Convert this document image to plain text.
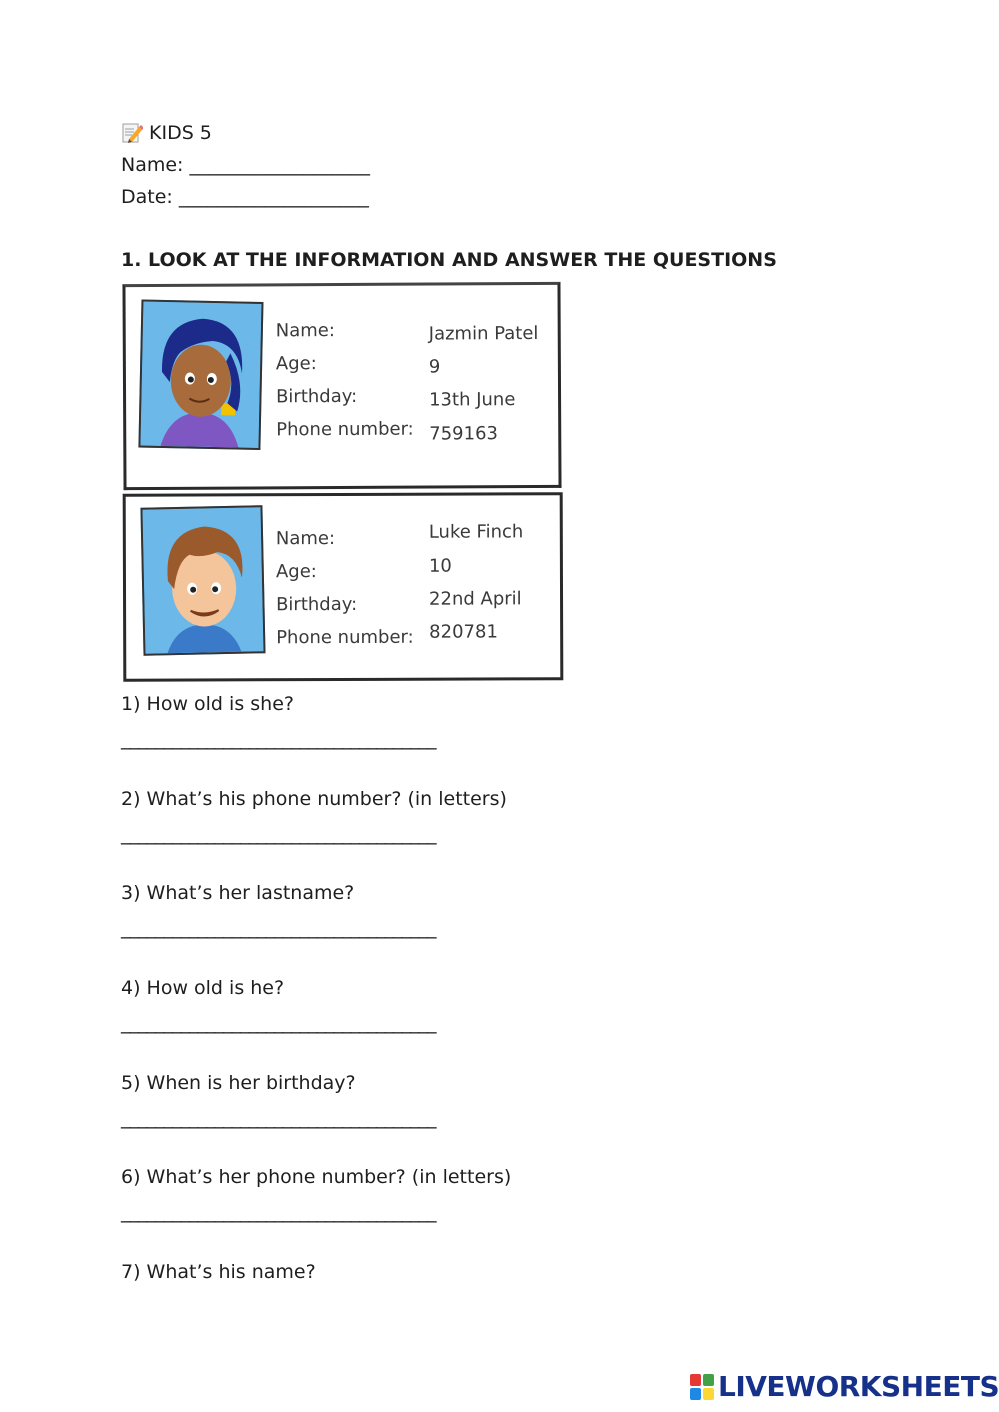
KIDS 5
Name: ___________________
Date: ____________________
1. LOOK AT THE INFORMATION AND ANSWER THE QUESTIONS
Name:
Age:
Birthday:
Phone number:
Jazmin Patel
9
13th June
759163
Name:
Age:
Birthday:
Phone number:
Luke Finch
10
22nd April
820781
1) How old is she?
_____________________________________
2) What’s his phone number? (in letters)
_____________________________________
3) What’s her lastname?
_____________________________________
4) How old is he?
_____________________________________
5) When is her birthday?
_____________________________________
6) What’s her phone number? (in letters)
_____________________________________
7) What’s his name?
LIVEWORKSHEETS
